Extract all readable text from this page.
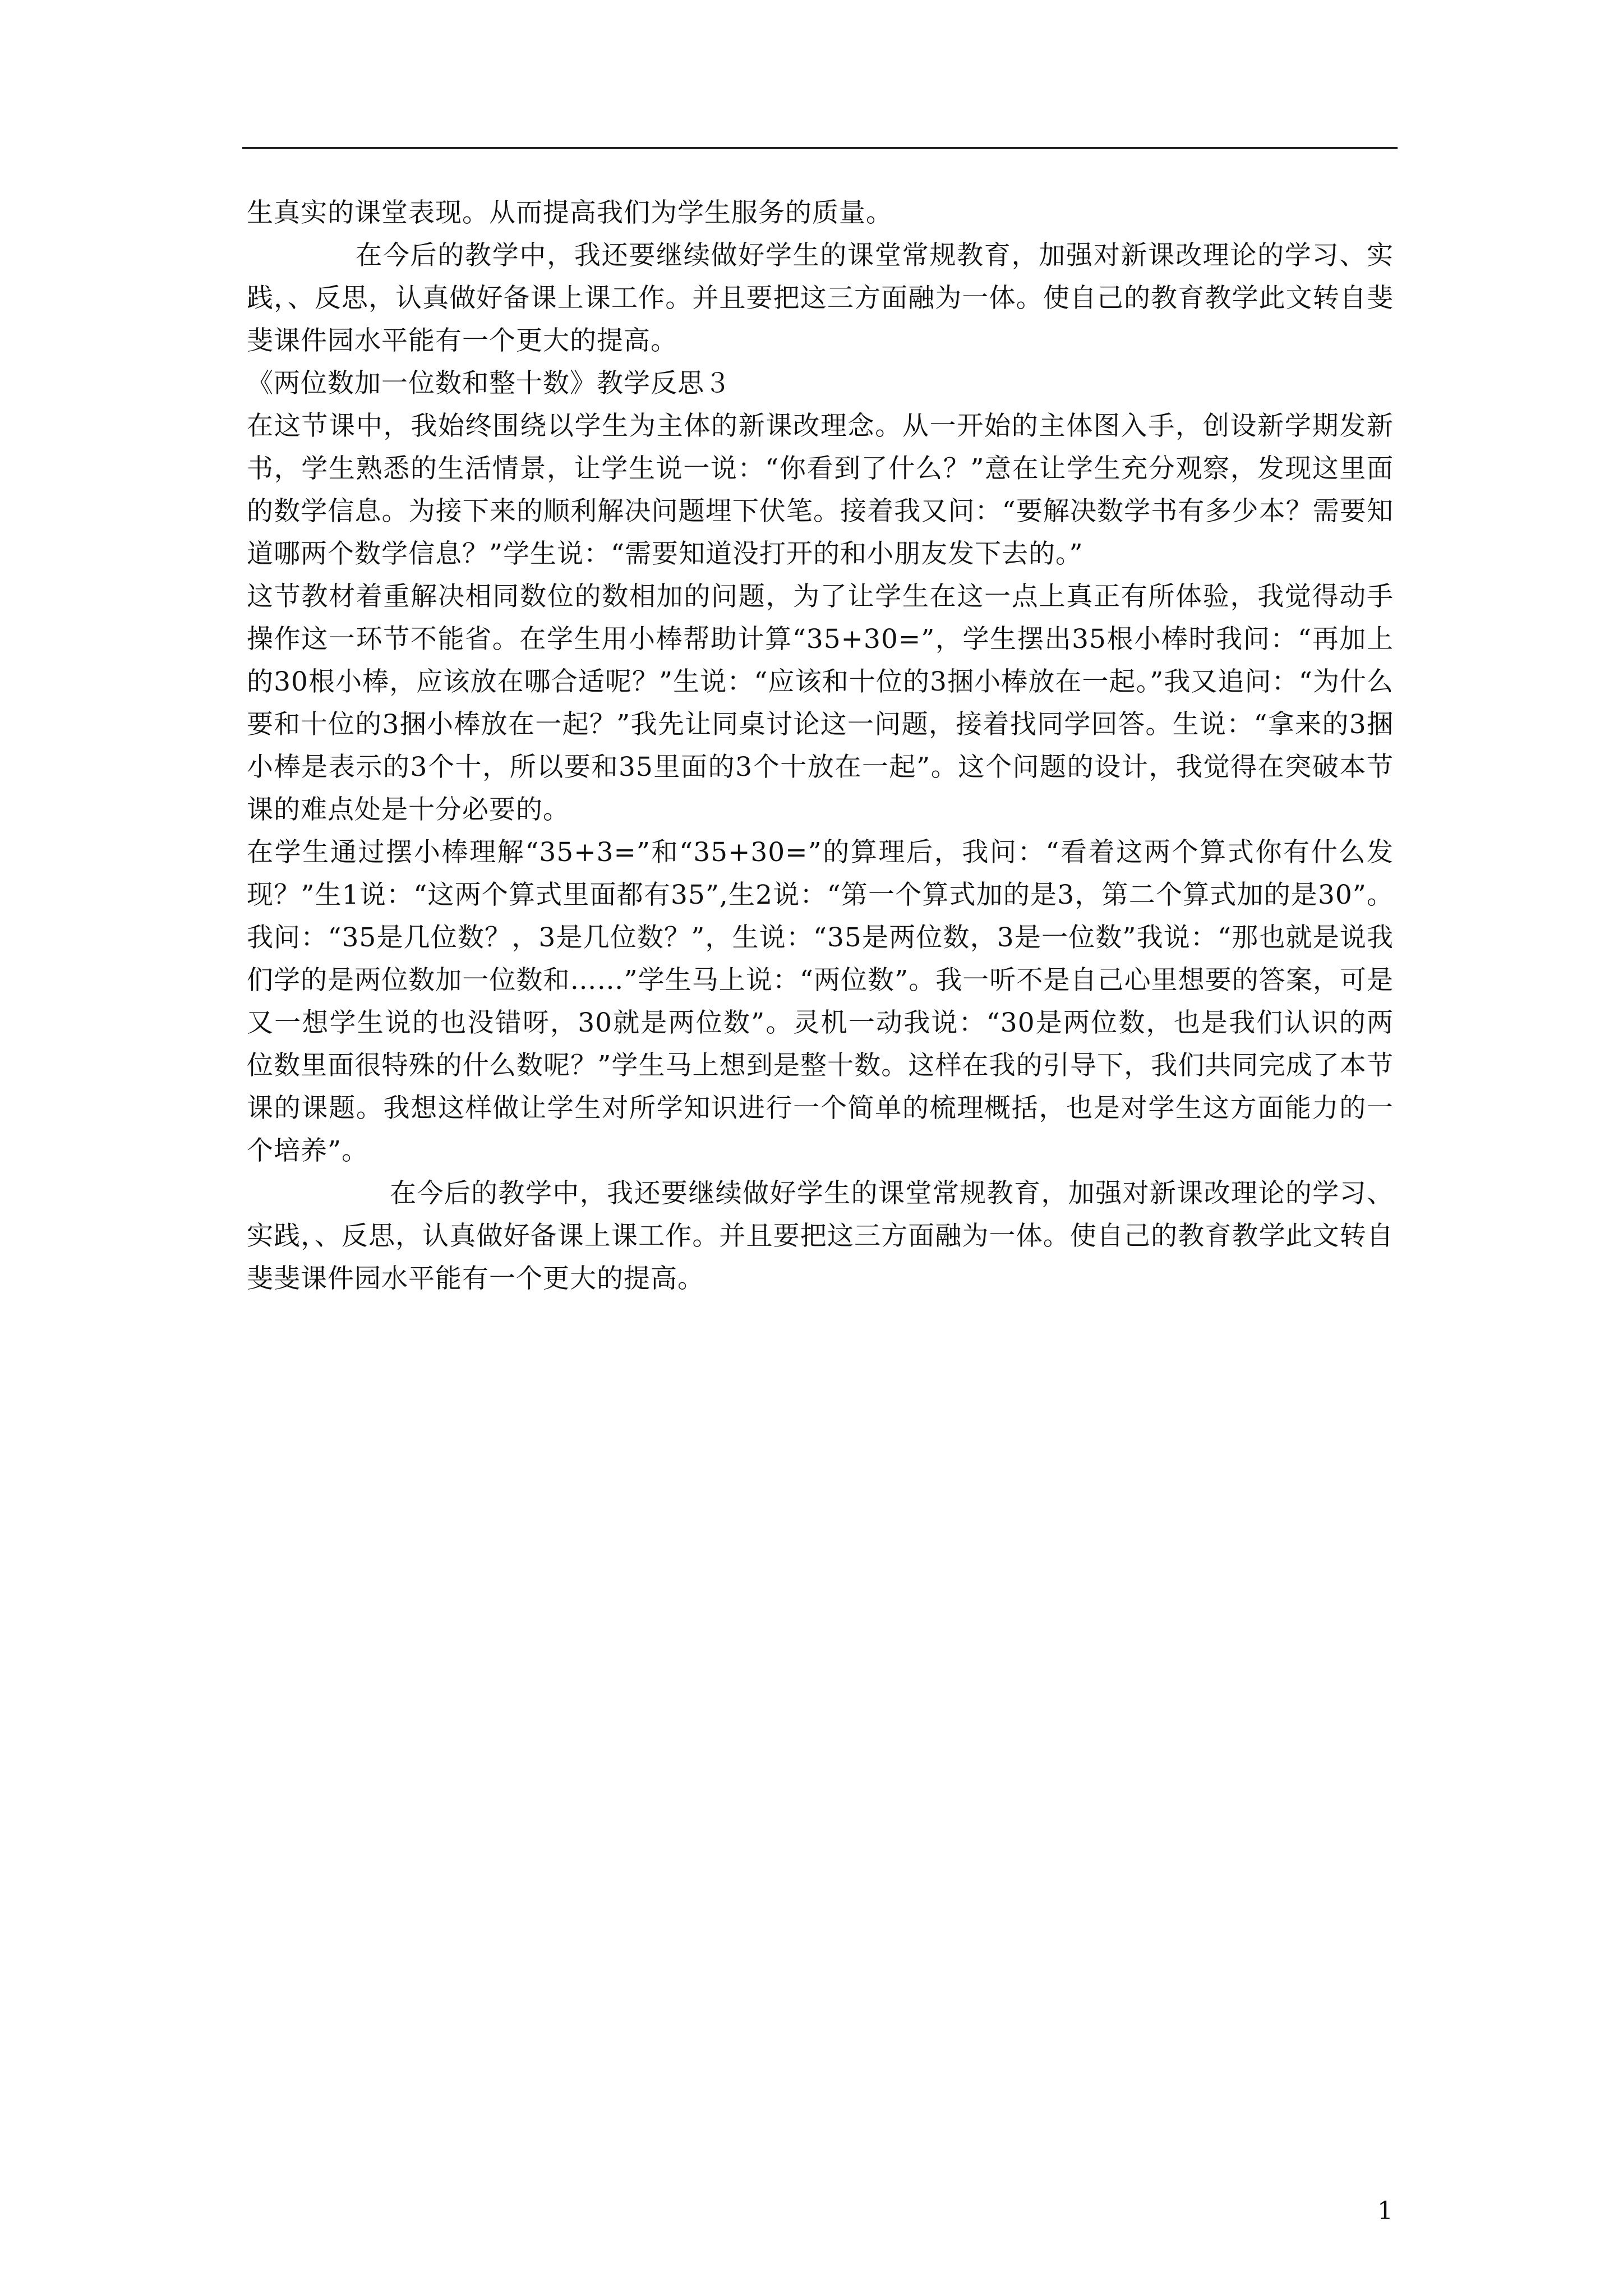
生真实的课堂表现。从而提高我们为学生服务的质量。

在今后的教学中，我还要继续做好学生的课堂常规教育，加强对新课改理论的学习、实践，、反思，认真做好备课上课工作。并且要把这三方面融为一体。使自己的教育教学此文转自斐斐课件园水平能有一个更大的提高。

《两位数加一位数和整十数》教学反思３

在这节课中，我始终围绕以学生为主体的新课改理念。从一开始的主体图入手，创设新学期发新书，学生熟悉的生活情景，让学生说一说：“你看到了什么？”意在让学生充分观察，发现这里面的数学信息。为接下来的顺利解决问题埋下伏笔。接着我又问：“要解决数学书有多少本？需要知道哪两个数学信息？”学生说：“需要知道没打开的和小朋友发下去的。”

这节教材着重解决相同数位的数相加的问题，为了让学生在这一点上真正有所体验，我觉得动手操作这一环节不能省。在学生用小棒帮助计算“35+30=”，学生摆出35根小棒时我问：“再加上的30根小棒，应该放在哪合适呢？”生说：“应该和十位的3捆小棒放在一起。”我又追问：“为什么要和十位的3捆小棒放在一起？”我先让同桌讨论这一问题，接着找同学回答。生说：“拿来的3捆小棒是表示的3个十，所以要和35里面的3个十放在一起”。这个问题的设计，我觉得在突破本节课的难点处是十分必要的。

在学生通过摆小棒理解“35+3=”和“35+30=”的算理后，我问：“看着这两个算式你有什么发现？”生1说：“这两个算式里面都有35”,生2说：“第一个算式加的是3，第二个算式加的是30”。我问：“35是几位数？，3是几位数？”，生说：“35是两位数，3是一位数”我说：“那也就是说我们学的是两位数加一位数和……”学生马上说：“两位数”。我一听不是自己心里想要的答案，可是又一想学生说的也没错呀，30就是两位数”。灵机一动我说：“30是两位数，也是我们认识的两位数里面很特殊的什么数呢？”学生马上想到是整十数。这样在我的引导下，我们共同完成了本节课的课题。我想这样做让学生对所学知识进行一个简单的梳理概括，也是对学生这方面能力的一个培养”。

在今后的教学中，我还要继续做好学生的课堂常规教育，加强对新课改理论的学习、实践，、反思，认真做好备课上课工作。并且要把这三方面融为一体。使自己的教育教学此文转自斐斐课件园水平能有一个更大的提高。

1
